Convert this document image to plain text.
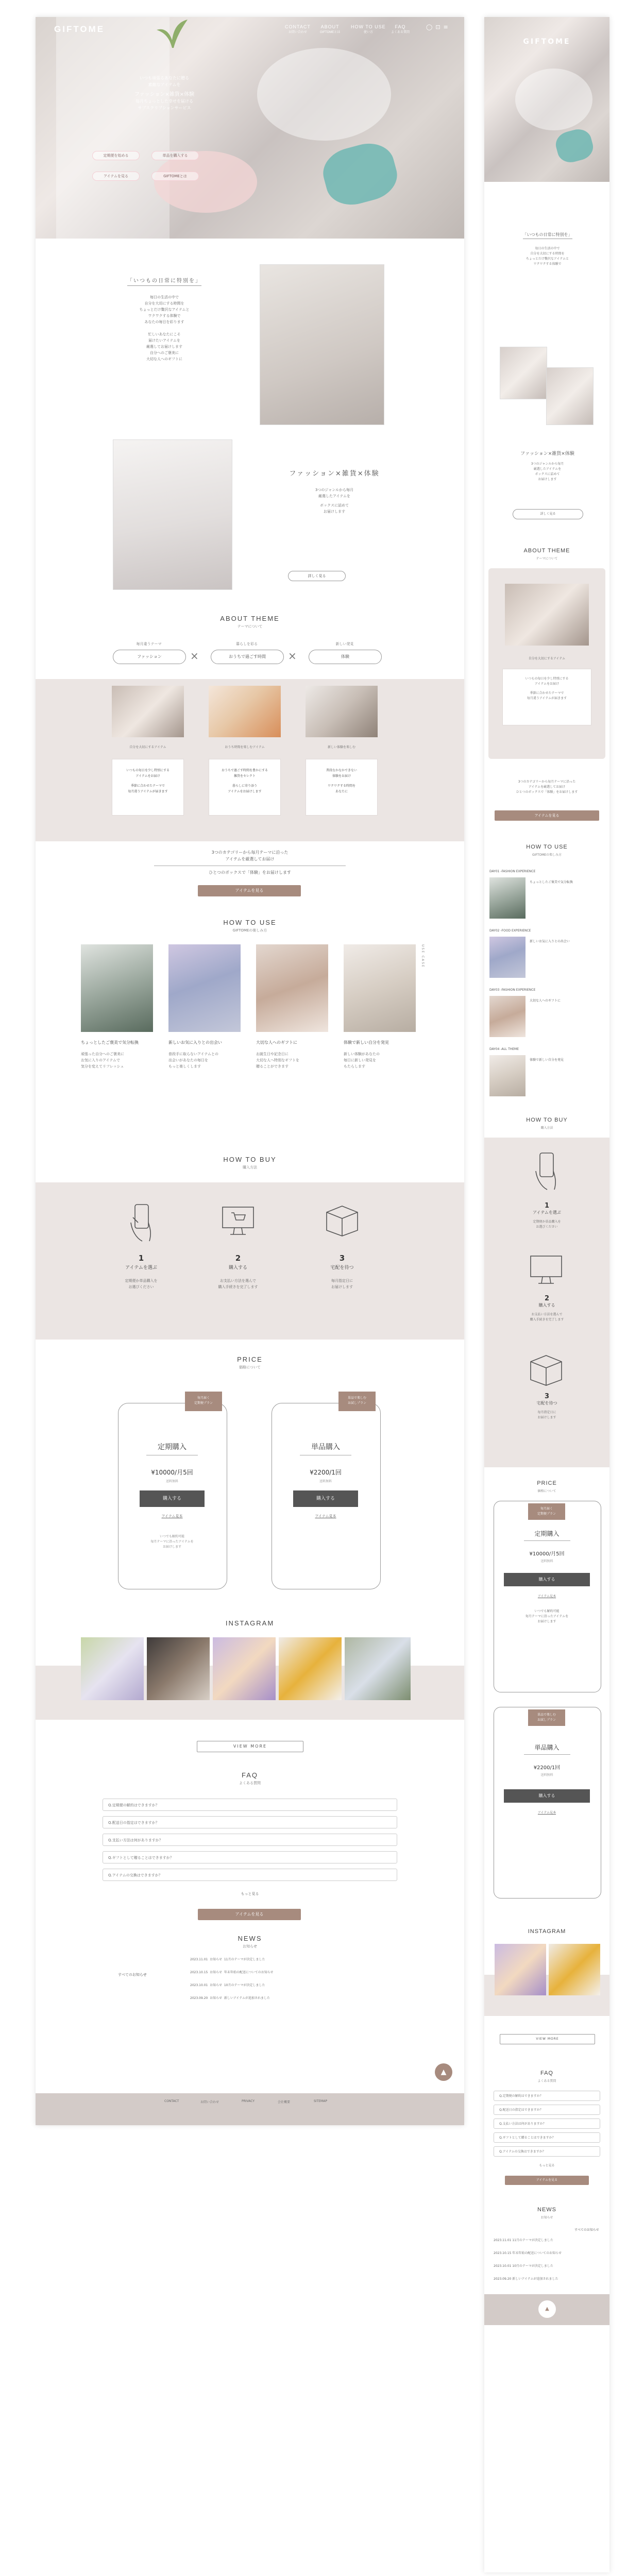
GIFTOME	CONTACT
お問い合わせ
ABOUT
GIFTOMEとは
HOW TO USE
使い方
FAQ
よくある質問
◯⊡≡
いつも頑張るあなたに贈る
素敵なアイテムを
ファッション×雑貨×体験
毎月ちょっとした幸せを届ける
サブスクリプションサービス
定期便を始める	単品を購入する
アイテムを見る	GIFTOMEとは
「いつもの日常に特別を」
毎日の生活の中で
自分を大切にする時間を
ちょっとだけ贅沢なアイテムと
ワクワクする体験で
あなたの毎日を彩ります
忙しいあなたにこそ
届けたいアイテムを
厳選してお届けします
自分へのご褒美に
大切な人へのギフトに
ファッション×雑貨×体験
3つのジャンルから毎月
厳選したアイテムを
ボックスに詰めて
お届けします
詳しく見る
ABOUT THEME
テーマについて
毎月違うテーマ
ファッション	×
暮らしを彩る
おうちで過ごす時間	×
新しい発見
体験
自分を大切にするアイテム	おうち時間を楽しむアイテム	新しい体験を楽しむ
いつもの毎日を少し特別にする
アイテムをお届け
季節に合わせたテーマで
毎月違うアイテムが届きます
おうちで過ごす時間を豊かにする
雑貨をセレクト
暮らしに寄り添う
アイテムをお届けします
普段なかなかできない
体験をお届け
ワクワクする時間を
あなたに
3つのカテゴリーから毎月テーマに沿った
アイテムを厳選してお届け
ひとつのボックスで「体験」をお届けします
アイテムを見る
HOW TO USE
GIFTOMEの楽しみ方
USE CASE
ちょっとしたご褒美で気分転換
頑張った自分へのご褒美に
お気に入りのアイテムで
気分を変えてリフレッシュ
新しいお気に入りとの出会い
普段手に取らないアイテムとの
出会いがあなたの毎日を
もっと楽しくします
大切な人へのギフトに
お誕生日や記念日に
大切な人へ特別なギフトを
贈ることができます
体験で新しい自分を発見
新しい体験があなたの
毎日に新しい発見を
もたらします
HOW TO BUY
購入方法
1
アイテムを選ぶ
定期便か単品購入を
お選びください
2
購入する
お支払い方法を選んで
購入手続きを完了します
3
宅配を待つ
毎月指定日に
お届けします
PRICE
価格について
毎月届く
定期便プラン
定期購入
¥10000/月5回
送料無料
購入する
アイテム見本
いつでも解約可能
毎月テーマに沿ったアイテムを
お届けします
単品で楽しむ
お試しプラン
単品購入
¥2200/1回
送料無料
購入する
アイテム見本
INSTAGRAM
VIEW MORE
FAQ
よくある質問
Q.定期便の解約はできますか？
Q.配送日の指定はできますか？
Q.支払い方法は何がありますか？
Q.ギフトとして贈ることはできますか？
Q.アイテムの交換はできますか？
もっと見る
アイテムを見る
NEWS
お知らせ
すべてのお知らせ
2023.11.01 お知らせ 11月のテーマが決定しました
2023.10.15 お知らせ 年末年始の配送についてのお知らせ
2023.10.01 お知らせ 10月のテーマが決定しました
2023.09.20 お知らせ 新しいアイテムが追加されました
▲
CONTACT	お問い合わせ	PRIVACY	会社概要	SITEMAP
GIFTOME
「いつもの日常に特別を」
毎日の生活の中で
自分を大切にする時間を
ちょっとだけ贅沢なアイテムと
ワクワクする体験で
ファッション×雑貨×体験
3つのジャンルから毎月
厳選したアイテムを
ボックスに詰めて
お届けします
詳しく見る
ABOUT THEME
テーマについて
自分を大切にするアイテム
いつもの毎日を少し特別にする
アイテムをお届け
季節に合わせたテーマで
毎月違うアイテムが届きます
3つのカテゴリーから毎月テーマに沿った
アイテムを厳選してお届け
ひとつのボックスで「体験」をお届けします
アイテムを見る
HOW TO USE
GIFTOMEの楽しみ方
DAY01 -FASHION EXPERIENCE
ちょっとしたご褒美で気分転換
DAY02 -FOOD EXPERIENCE
新しいお気に入りとの出会い
DAY03 -FASHION EXPERIENCE
大切な人へのギフトに
DAY04 -ALL THEME
体験で新しい自分を発見
HOW TO BUY
購入方法
1
アイテムを選ぶ
定期便か単品購入を
お選びください
2
購入する
お支払い方法を選んで
購入手続きを完了します
3
宅配を待つ
毎月指定日に
お届けします
PRICE
価格について
毎月届く
定期便プラン
定期購入
¥10000/月5回
送料無料
購入する
アイテム見本
いつでも解約可能
毎月テーマに沿ったアイテムを
お届けします
単品で楽しむ
お試しプラン
単品購入
¥2200/1回
送料無料
購入する
アイテム見本
INSTAGRAM
VIEW MORE
FAQ
よくある質問
Q.定期便の解約はできますか？
Q.配送日の指定はできますか？
Q.支払い方法は何がありますか？
Q.ギフトとして贈ることはできますか？
Q.アイテムの交換はできますか？
もっと見る
アイテムを見る
NEWS
お知らせ
すべてのお知らせ
2023.11.01 11月のテーマが決定しました
2023.10.15 年末年始の配送についてのお知らせ
2023.10.01 10月のテーマが決定しました
2023.09.20 新しいアイテムが追加されました
▲
